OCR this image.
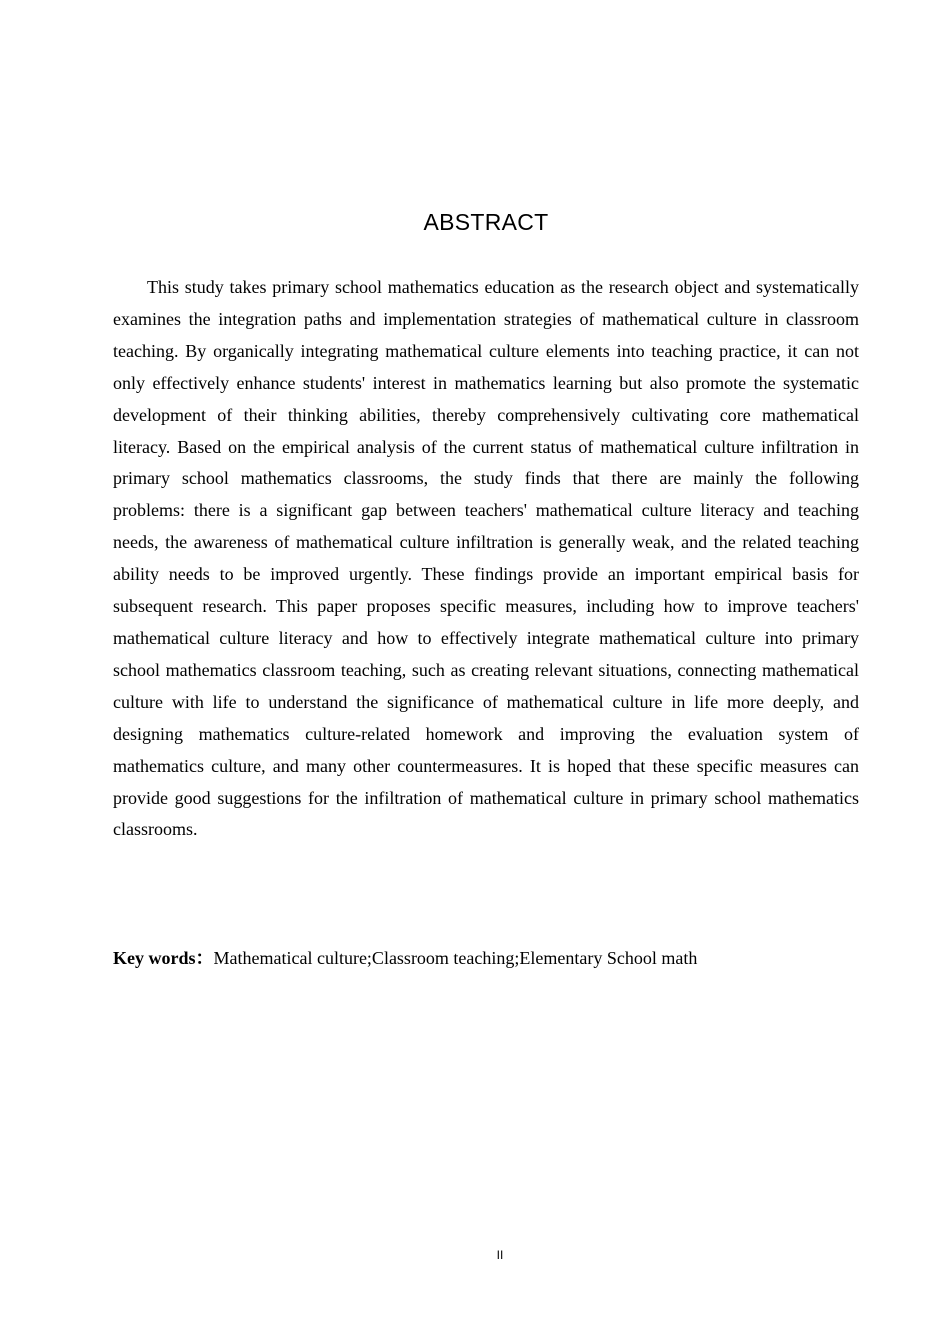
ABSTRACT

This study takes primary school mathematics education as the research object and systematically examines the integration paths and implementation strategies of mathematical culture in classroom teaching. By organically integrating mathematical culture elements into teaching practice, it can not only effectively enhance students' interest in mathematics learning but also promote the systematic development of their thinking abilities, thereby comprehensively cultivating core mathematical literacy. Based on the empirical analysis of the current status of mathematical culture infiltration in primary school mathematics classrooms, the study finds that there are mainly the following problems: there is a significant gap between teachers' mathematical culture literacy and teaching needs, the awareness of mathematical culture infiltration is generally weak, and the related teaching ability needs to be improved urgently. These findings provide an important empirical basis for subsequent research. This paper proposes specific measures, including how to improve teachers' mathematical culture literacy and how to effectively integrate mathematical culture into primary school mathematics classroom teaching, such as creating relevant situations, connecting mathematical culture with life to understand the significance of mathematical culture in life more deeply, and designing mathematics culture-related homework and improving the evaluation system of mathematics culture, and many other countermeasures. It is hoped that these specific measures can provide good suggestions for the infiltration of mathematical culture in primary school mathematics classrooms.

Key words：Mathematical culture;Classroom teaching;Elementary School math

II
